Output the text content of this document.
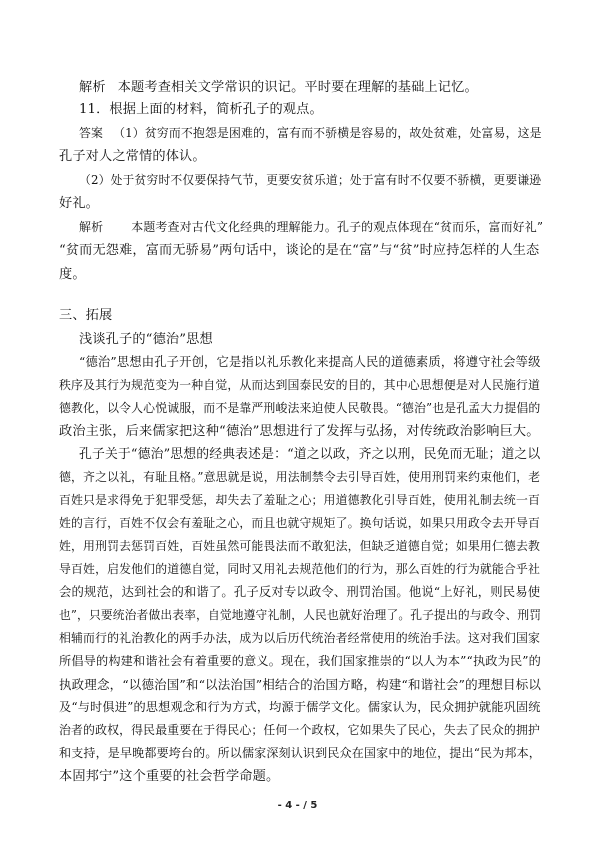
解析 本题考查相关文学常识的识记。平时要在理解的基础上记忆。
11．根据上面的材料，简析孔子的观点。
答案 （1）贫穷而不抱怨是困难的，富有而不骄横是容易的，故处贫难，处富易，这是
孔子对人之常情的体认。
（2）处于贫穷时不仅要保持气节，更要安贫乐道；处于富有时不仅要不骄横，更要谦逊
好礼。
解析 本题考查对古代文化经典的理解能力。孔子的观点体现在“贫而乐，富而好礼”
“贫而无怨难，富而无骄易”两句话中，谈论的是在“富”与“贫”时应持怎样的人生态
度。
三、拓展
浅谈孔子的“德治”思想
“德治”思想由孔子开创，它是指以礼乐教化来提高人民的道德素质，将遵守社会等级
秩序及其行为规范变为一种自觉，从而达到国泰民安的目的，其中心思想便是对人民施行道
德教化，以令人心悦诚服，而不是靠严刑峻法来迫使人民敬畏。“德治”也是孔孟大力提倡的
政治主张，后来儒家把这种“德治”思想进行了发挥与弘扬，对传统政治影响巨大。
孔子关于“德治”思想的经典表述是：“道之以政，齐之以刑，民免而无耻；道之以
德，齐之以礼，有耻且格。”意思就是说，用法制禁令去引导百姓，使用刑罚来约束他们，老
百姓只是求得免于犯罪受惩，却失去了羞耻之心；用道德教化引导百姓，使用礼制去统一百
姓的言行，百姓不仅会有羞耻之心，而且也就守规矩了。换句话说，如果只用政令去开导百
姓，用刑罚去惩罚百姓，百姓虽然可能畏法而不敢犯法，但缺乏道德自觉；如果用仁德去教
导百姓，启发他们的道德自觉，同时又用礼去规范他们的行为，那么百姓的行为就能合乎社
会的规范，达到社会的和谐了。孔子反对专以政令、刑罚治国。他说“上好礼，则民易使
也”，只要统治者做出表率，自觉地遵守礼制，人民也就好治理了。孔子提出的与政令、刑罚
相辅而行的礼治教化的两手办法，成为以后历代统治者经常使用的统治手法。这对我们国家
所倡导的构建和谐社会有着重要的意义。现在，我们国家推崇的“以人为本”“执政为民”的
执政理念，“以德治国”和“以法治国”相结合的治国方略，构建“和谐社会”的理想目标以
及“与时俱进”的思想观念和行为方式，均源于儒学文化。儒家认为，民众拥护就能巩固统
治者的政权，得民最重要在于得民心；任何一个政权，它如果失了民心，失去了民众的拥护
和支持，是早晚都要垮台的。所以儒家深刻认识到民众在国家中的地位，提出“民为邦本，
本固邦宁”这个重要的社会哲学命题。
- 4 - / 5
